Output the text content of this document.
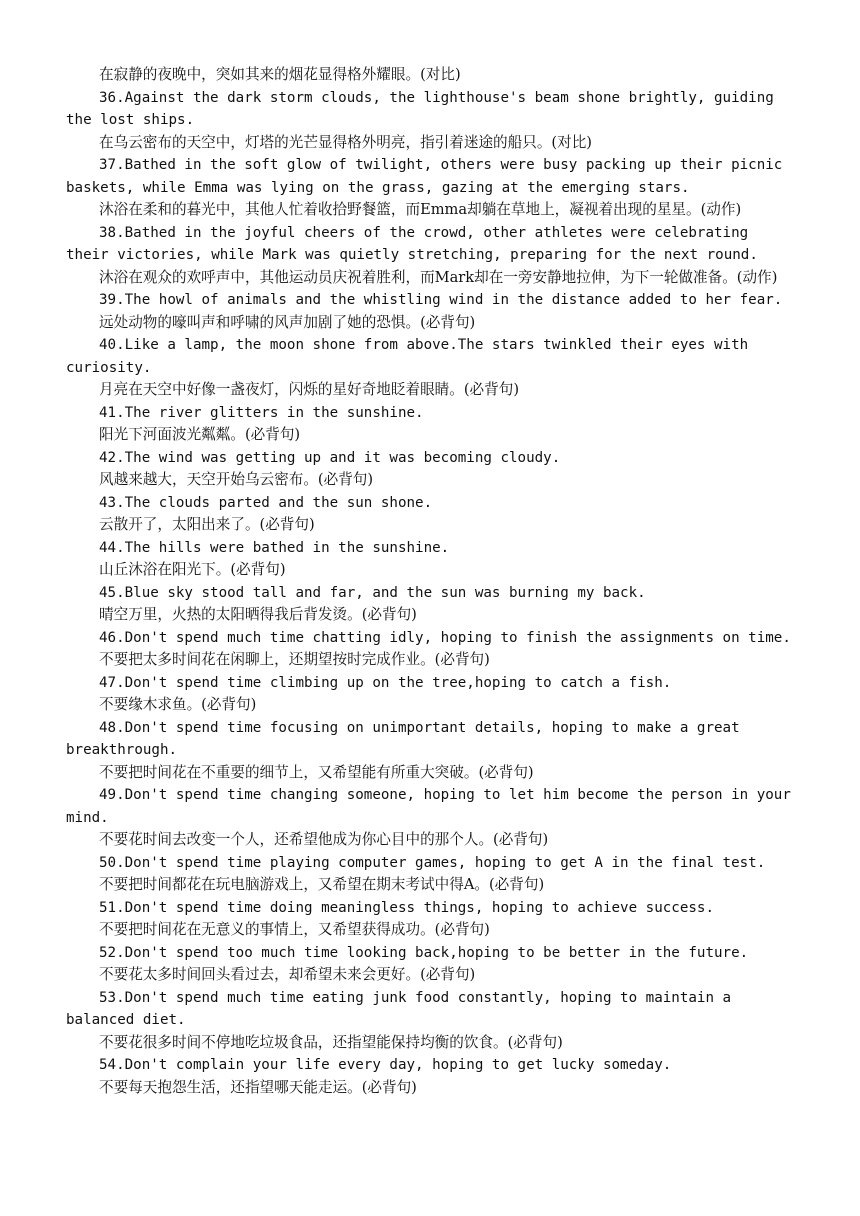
在寂静的夜晚中，突如其来的烟花显得格外耀眼。(对比)

36.Against the dark storm clouds, the lighthouse's beam shone brightly, guiding the lost ships.

在乌云密布的天空中，灯塔的光芒显得格外明亮，指引着迷途的船只。(对比)

37.Bathed in the soft glow of twilight, others were busy packing up their picnic baskets, while Emma was lying on the grass, gazing at the emerging stars.

沐浴在柔和的暮光中，其他人忙着收拾野餐篮，而Emma却躺在草地上，凝视着出现的星星。(动作)

38.Bathed in the joyful cheers of the crowd, other athletes were celebrating their victories, while Mark was quietly stretching, preparing for the next round.

沐浴在观众的欢呼声中，其他运动员庆祝着胜利，而Mark却在一旁安静地拉伸，为下一轮做准备。(动作)

39.The howl of animals and the whistling wind in the distance added to her fear.

远处动物的嚎叫声和呼啸的风声加剧了她的恐惧。(必背句)

40.Like a lamp, the moon shone from above.The stars twinkled their eyes with curiosity.

月亮在天空中好像一盏夜灯，闪烁的星好奇地眨着眼睛。(必背句)

41.The river glitters in the sunshine.

阳光下河面波光粼粼。(必背句)

42.The wind was getting up and it was becoming cloudy.

风越来越大，天空开始乌云密布。(必背句)

43.The clouds parted and the sun shone.

云散开了，太阳出来了。(必背句)

44.The hills were bathed in the sunshine.

山丘沐浴在阳光下。(必背句)

45.Blue sky stood tall and far, and the sun was burning my back.

晴空万里，火热的太阳晒得我后背发烫。(必背句)

46.Don't spend much time chatting idly, hoping to finish the assignments on time.

不要把太多时间花在闲聊上，还期望按时完成作业。(必背句)

47.Don't spend time climbing up on the tree,hoping to catch a fish.

不要缘木求鱼。(必背句)

48.Don't spend time focusing on unimportant details, hoping to make a great breakthrough.

不要把时间花在不重要的细节上，又希望能有所重大突破。(必背句)

49.Don't spend time changing someone, hoping to let him become the person in your mind.

不要花时间去改变一个人，还希望他成为你心目中的那个人。(必背句)

50.Don't spend time playing computer games, hoping to get A in the final test.

不要把时间都花在玩电脑游戏上，又希望在期末考试中得A。(必背句)

51.Don't spend time doing meaningless things, hoping to achieve success.

不要把时间花在无意义的事情上，又希望获得成功。(必背句)

52.Don't spend too much time looking back,hoping to be better in the future.

不要花太多时间回头看过去，却希望未来会更好。(必背句)

53.Don't spend much time eating junk food constantly, hoping to maintain a balanced diet.

不要花很多时间不停地吃垃圾食品，还指望能保持均衡的饮食。(必背句)

54.Don't complain your life every day, hoping to get lucky someday.

不要每天抱怨生活，还指望哪天能走运。(必背句)
